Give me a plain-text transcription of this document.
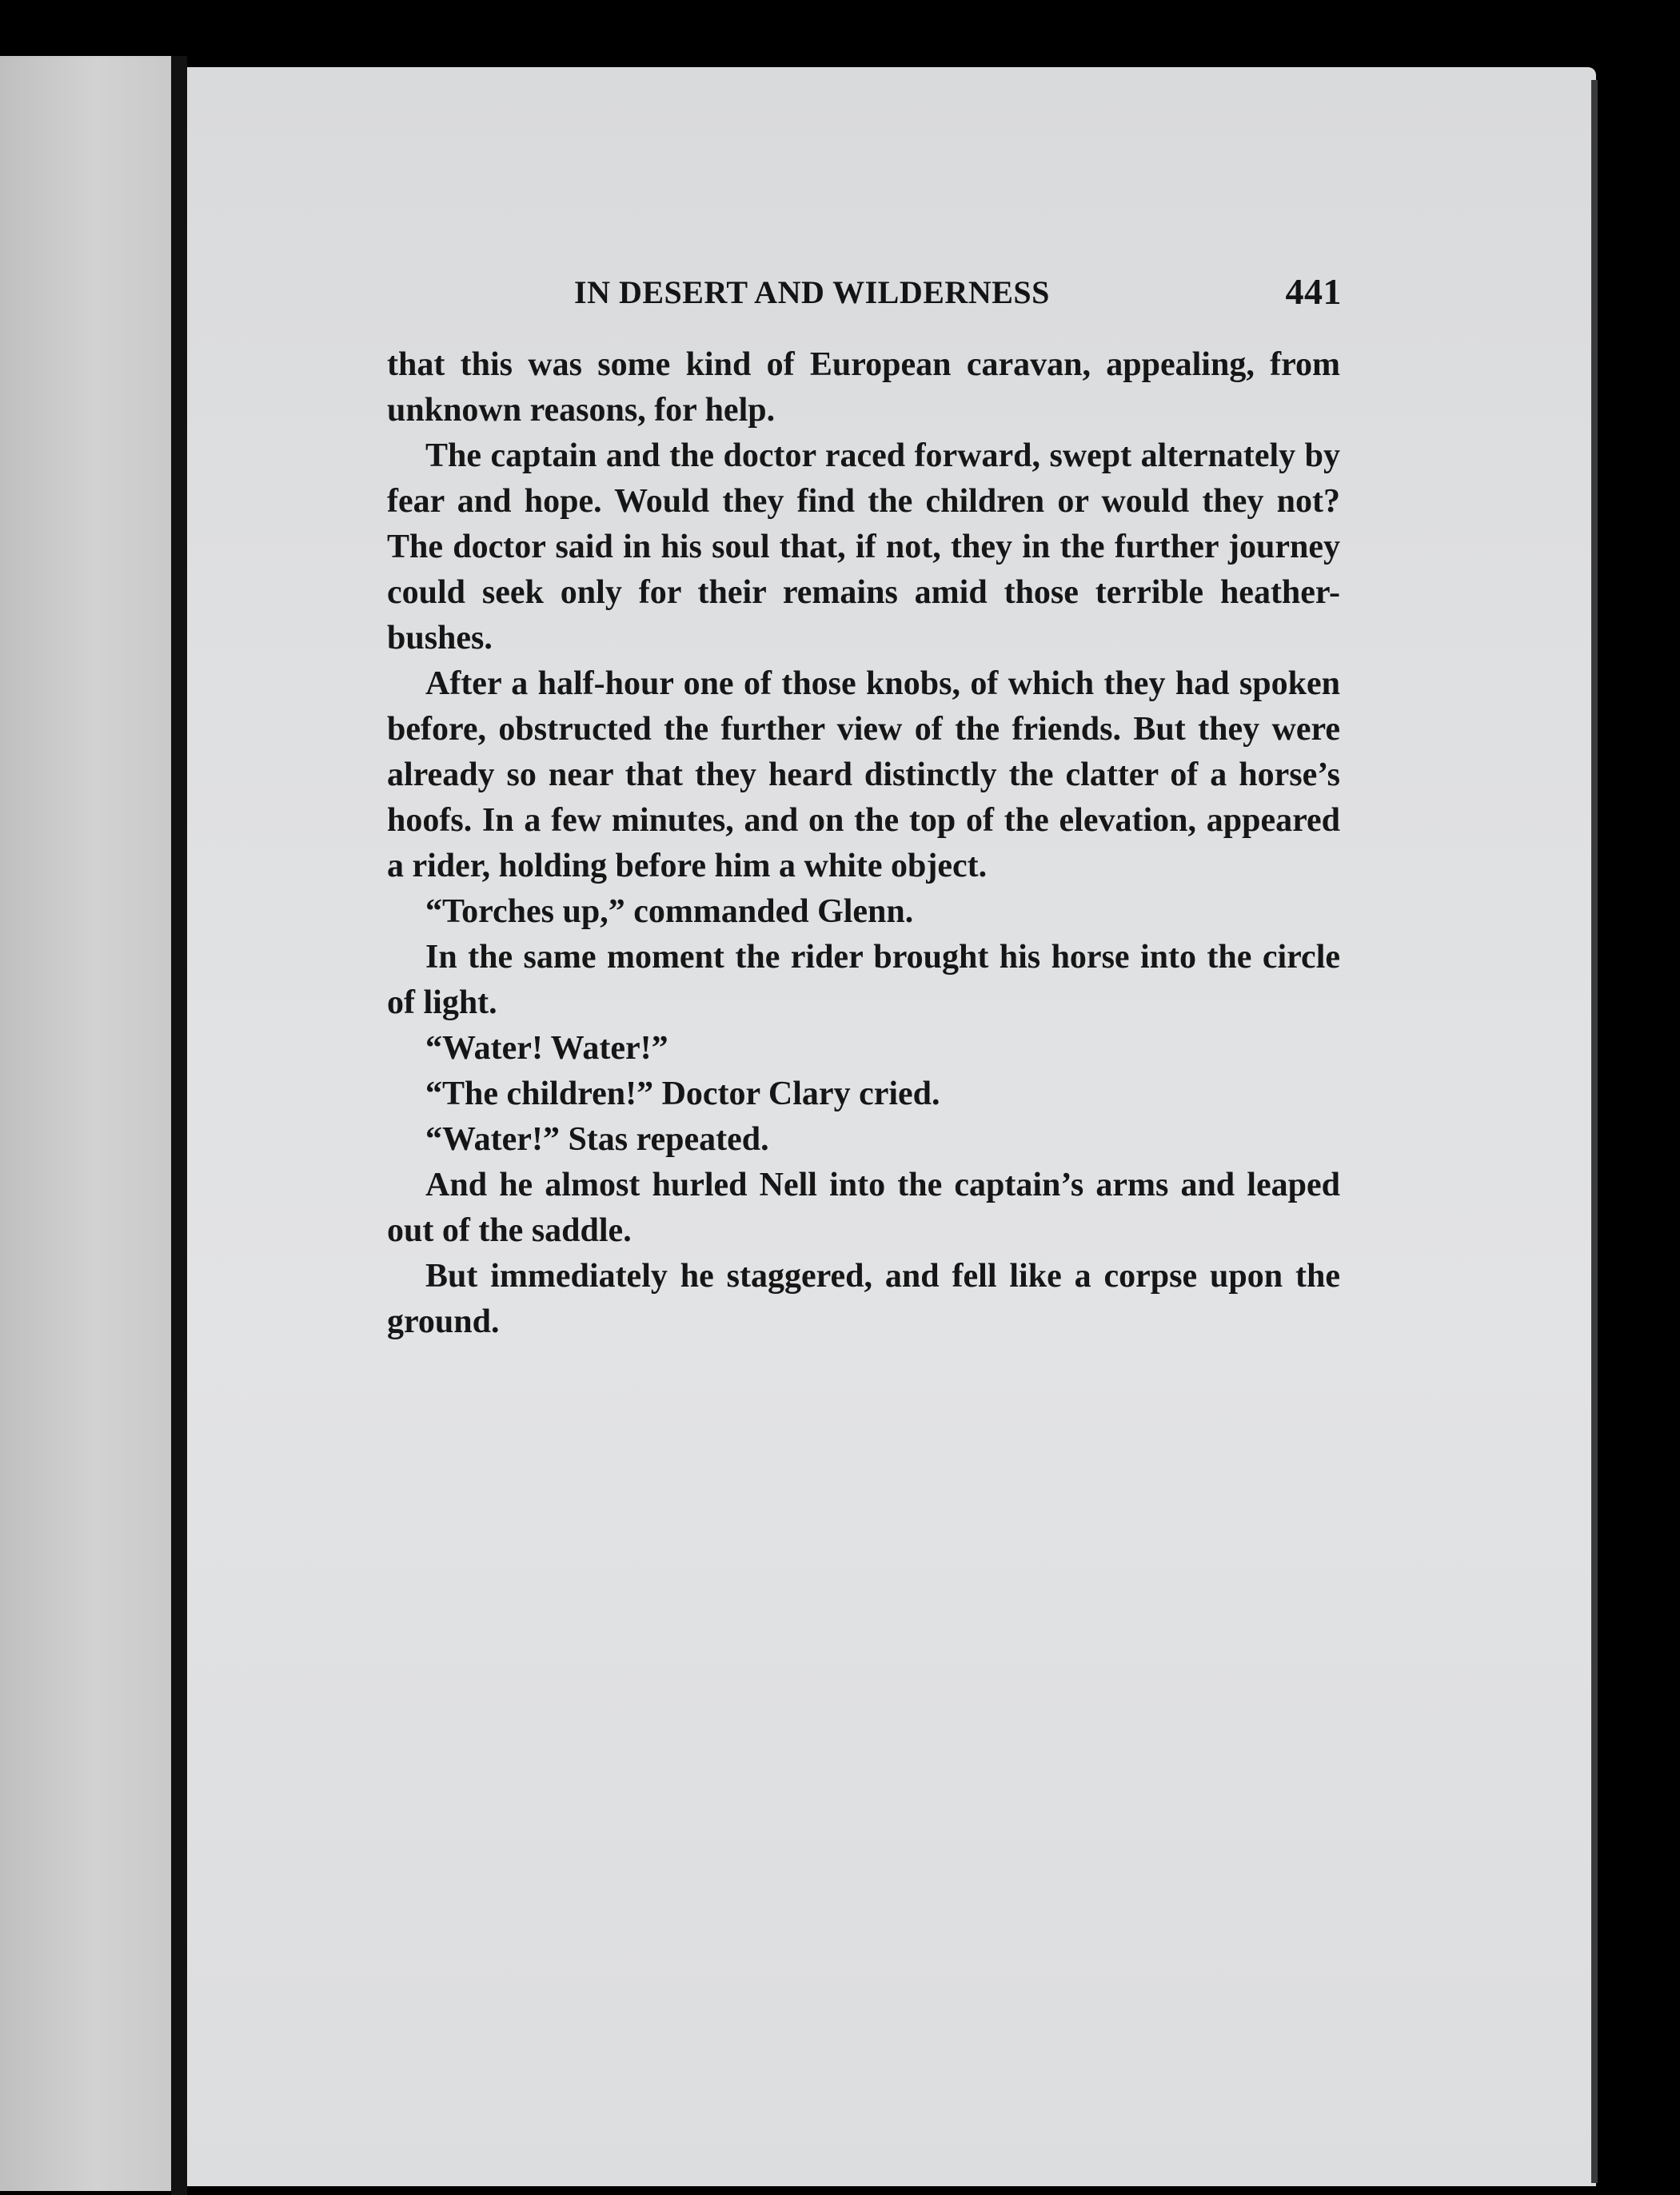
IN DESERT AND WILDERNESS	441

that this was some kind of European caravan, appealing, from unknown reasons, for help.

The captain and the doctor raced forward, swept alternately by fear and hope. Would they find the children or would they not? The doctor said in his soul that, if not, they in the further journey could seek only for their remains amid those terrible heather-bushes.

After a half-hour one of those knobs, of which they had spoken before, obstructed the further view of the friends. But they were already so near that they heard distinctly the clatter of a horse’s hoofs. In a few minutes, and on the top of the elevation, appeared a rider, holding before him a white object.

“Torches up,” commanded Glenn.

In the same moment the rider brought his horse into the circle of light.

“Water! Water!”

“The children!” Doctor Clary cried.

“Water!” Stas repeated.

And he almost hurled Nell into the captain’s arms and leaped out of the saddle.

But immediately he staggered, and fell like a corpse upon the ground.
